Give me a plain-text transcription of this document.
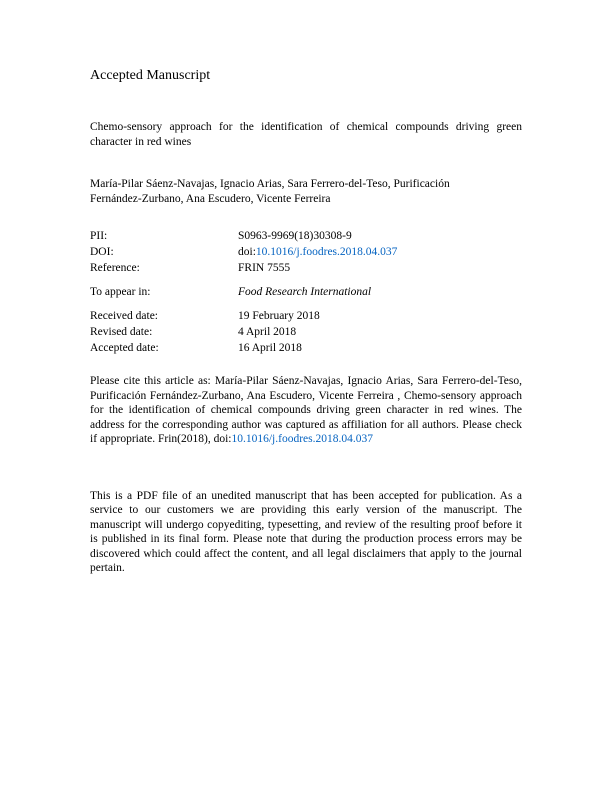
Accepted Manuscript

Chemo-sensory approach for the identification of chemical compounds driving green character in red wines

María-Pilar Sáenz-Navajas, Ignacio Arias, Sara Ferrero-del-Teso, Purificación Fernández-Zurbano, Ana Escudero, Vicente Ferreira

PII:	S0963-9969(18)30308-9
DOI:	doi:10.1016/j.foodres.2018.04.037
Reference:	FRIN 7555
To appear in:	Food Research International
Received date:	19 February 2018
Revised date:	4 April 2018
Accepted date:	16 April 2018

Please cite this article as: María-Pilar Sáenz-Navajas, Ignacio Arias, Sara Ferrero-del-Teso, Purificación Fernández-Zurbano, Ana Escudero, Vicente Ferreira , Chemo-sensory approach for the identification of chemical compounds driving green character in red wines. The address for the corresponding author was captured as affiliation for all authors. Please check if appropriate. Frin(2018), doi:10.1016/j.foodres.2018.04.037

This is a PDF file of an unedited manuscript that has been accepted for publication. As a service to our customers we are providing this early version of the manuscript. The manuscript will undergo copyediting, typesetting, and review of the resulting proof before it is published in its final form. Please note that during the production process errors may be discovered which could affect the content, and all legal disclaimers that apply to the journal pertain.
